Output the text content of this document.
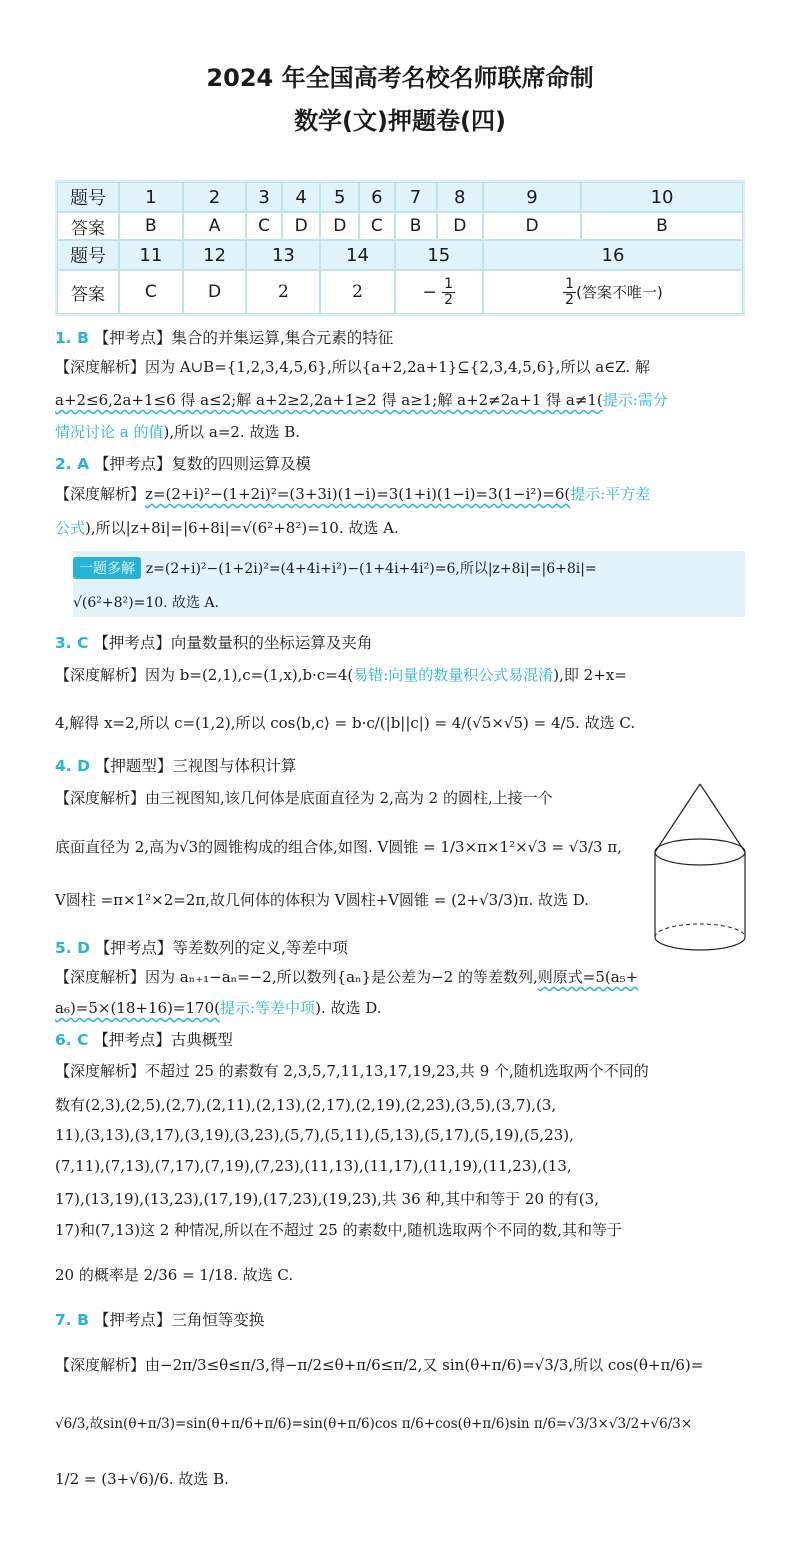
2024 年全国高考名校名师联席命制
数学(文)押题卷(四)
题号	1	2	3	4	5	6	7	8	9	10
答案	B	A	C	D	D	C	B	D	D	B
题号	11	12	13		14		15		16	
答案	C	D	2		2		− $\frac{1}{2}$		$\frac{1}{2}$ (答案不唯一)	
1. B 【押考点】集合的并集运算,集合元素的特征
【深度解析】因为 A∪B={1,2,3,4,5,6},所以{a+2,2a+1}⊆{2,3,4,5,6},所以 a∈Z. 解
a+2≤6,2a+1≤6 得 a≤2;解 a+2≥2,2a+1≥2 得 a≥1;解 a+2≠2a+1 得 a≠1(提示:需分
情况讨论 a 的值),所以 a=2. 故选 B.
2. A 【押考点】复数的四则运算及模
【深度解析】z=(2+i)²−(1+2i)²=(3+3i)(1−i)=3(1+i)(1−i)=3(1−i²)=6(提示:平方差
公式),所以|z+8i|=|6+8i|=√(6²+8²)=10. 故选 A.
一题多解 z=(2+i)²−(1+2i)²=(4+4i+i²)−(1+4i+4i²)=6,所以|z+8i|=|6+8i|=
√(6²+8²)=10. 故选 A.
3. C 【押考点】向量数量积的坐标运算及夹角
【深度解析】因为 b=(2,1),c=(1,x),b·c=4(易错:向量的数量积公式易混淆),即 2+x=
4,解得 x=2,所以 c=(1,2),所以 cos⟨b,c⟩ = b·c/(|b||c|) = 4/(√5×√5) = 4/5. 故选 C.
4. D 【押题型】三视图与体积计算
【深度解析】由三视图知,该几何体是底面直径为 2,高为 2 的圆柱,上接一个
底面直径为 2,高为√3的圆锥构成的组合体,如图. V圆锥 = 1/3×π×1²×√3 = √3/3 π,
V圆柱 =π×1²×2=2π,故几何体的体积为 V圆柱+V圆锥 = (2+√3/3)π. 故选 D.
5. D 【押考点】等差数列的定义,等差中项
【深度解析】因为 aₙ₊₁−aₙ=−2,所以数列{aₙ}是公差为−2 的等差数列,则原式=5(a₅+
a₆)=5×(18+16)=170(提示:等差中项). 故选 D.
6. C 【押考点】古典概型
【深度解析】不超过 25 的素数有 2,3,5,7,11,13,17,19,23,共 9 个,随机选取两个不同的
数有(2,3),(2,5),(2,7),(2,11),(2,13),(2,17),(2,19),(2,23),(3,5),(3,7),(3,
11),(3,13),(3,17),(3,19),(3,23),(5,7),(5,11),(5,13),(5,17),(5,19),(5,23),
(7,11),(7,13),(7,17),(7,19),(7,23),(11,13),(11,17),(11,19),(11,23),(13,
17),(13,19),(13,23),(17,19),(17,23),(19,23),共 36 种,其中和等于 20 的有(3,
17)和(7,13)这 2 种情况,所以在不超过 25 的素数中,随机选取两个不同的数,其和等于
20 的概率是 2/36 = 1/18. 故选 C.
7. B 【押考点】三角恒等变换
【深度解析】由−2π/3≤θ≤π/3,得−π/2≤θ+π/6≤π/2,又 sin(θ+π/6)=√3/3,所以 cos(θ+π/6)=
√6/3,故sin(θ+π/3)=sin(θ+π/6+π/6)=sin(θ+π/6)cos π/6+cos(θ+π/6)sin π/6=√3/3×√3/2+√6/3×
1/2 = (3+√6)/6. 故选 B.
